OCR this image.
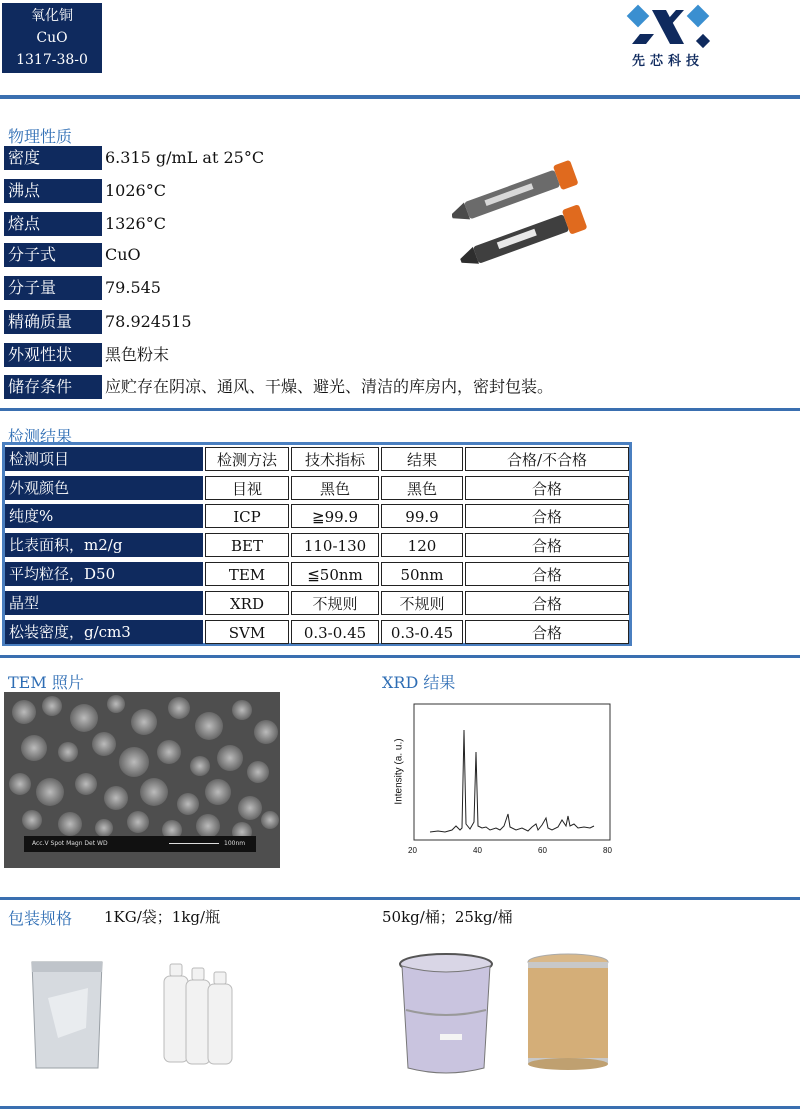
氧化铜
CuO
1317-38-0	先芯科技
物理性质
密度	6.315 g/mL at 25°C
沸点	1026°C
熔点	1326°C
分子式	CuO
分子量	79.545
精确质量	78.924515
外观性状	黑色粉末
储存条件	应贮存在阴凉、通风、干燥、避光、清洁的库房内，密封包装。
检测结果
检测项目	检测方法	技术指标	结果	合格/不合格
外观颜色	目视	黑色	黑色	合格
纯度%	ICP	≧99.9	99.9	合格
比表面积，m2/g	BET	110-130	120	合格
平均粒径，D50	TEM	≦50nm	50nm	合格
晶型	XRD	不规则	不规则	合格
松装密度，g/cm3	SVM	0.3-0.45	0.3-0.45	合格
TEM 照片
Acc.V Spot Magn Det WD	100nm
XRD 结果
Intensity (a. u.)
20	40	60	80
包装规格 1KG/袋；1kg/瓶	50kg/桶；25kg/桶
